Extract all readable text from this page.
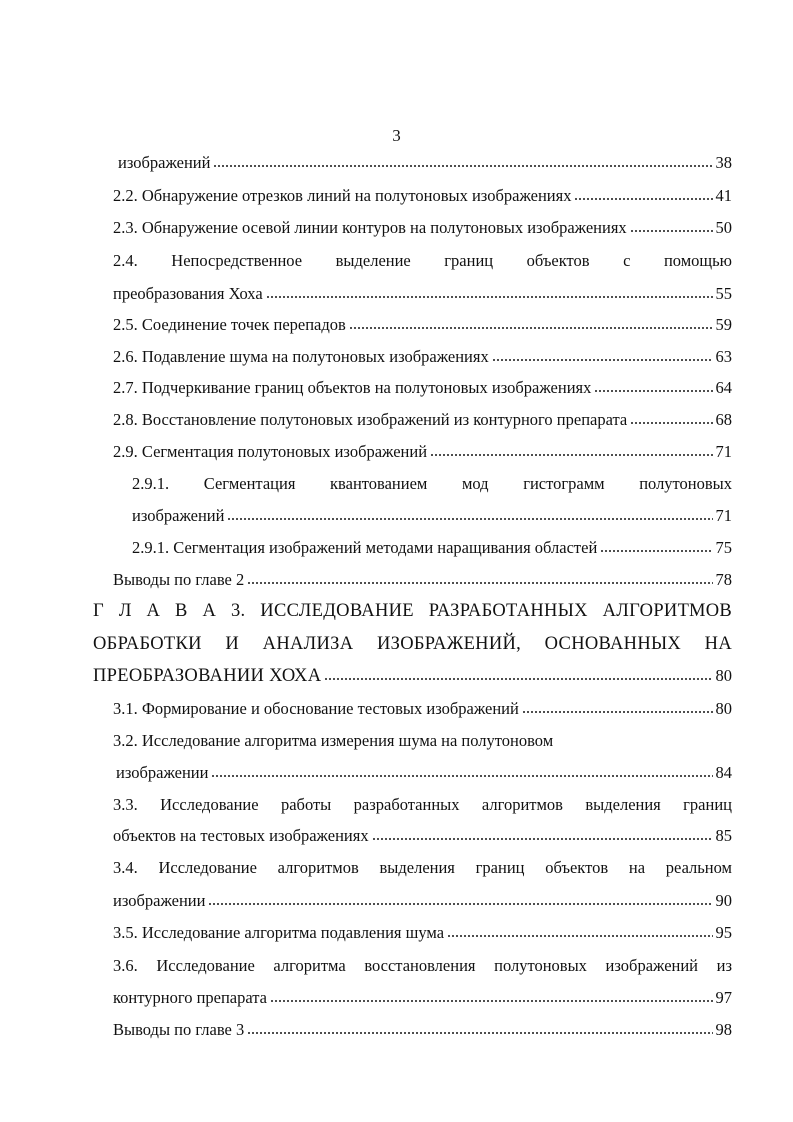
3
изображений	38
2.2. Обнаружение отрезков линий на полутоновых изображениях	41
2.3. Обнаружение осевой линии контуров на полутоновых изображениях	50
2.4. Непосредственное выделение границ объектов с помощью
преобразования Хоха	55
2.5. Соединение точек перепадов	59
2.6. Подавление шума на полутоновых изображениях	63
2.7. Подчеркивание границ объектов на полутоновых изображениях	64
2.8. Восстановление полутоновых изображений из контурного препарата	68
2.9. Сегментация полутоновых изображений	71
2.9.1. Сегментация квантованием мод гистограмм полутоновых
изображений	71
2.9.1. Сегментация изображений методами наращивания областей	75
Выводы по главе 2	78
Г Л А В А 3. ИССЛЕДОВАНИЕ РАЗРАБОТАННЫХ АЛГОРИТМОВ
ОБРАБОТКИ И АНАЛИЗА ИЗОБРАЖЕНИЙ, ОСНОВАННЫХ НА
ПРЕОБРАЗОВАНИИ ХОХА	80
3.1. Формирование и обоснование тестовых изображений	80
3.2. Исследование алгоритма измерения шума на полутоновом
изображении	84
3.3. Исследование работы разработанных алгоритмов выделения границ
объектов на тестовых изображениях	85
3.4. Исследование алгоритмов выделения границ объектов на реальном
изображении	90
3.5. Исследование алгоритма подавления шума	95
3.6. Исследование алгоритма восстановления полутоновых изображений из
контурного препарата	97
Выводы по главе 3	98
